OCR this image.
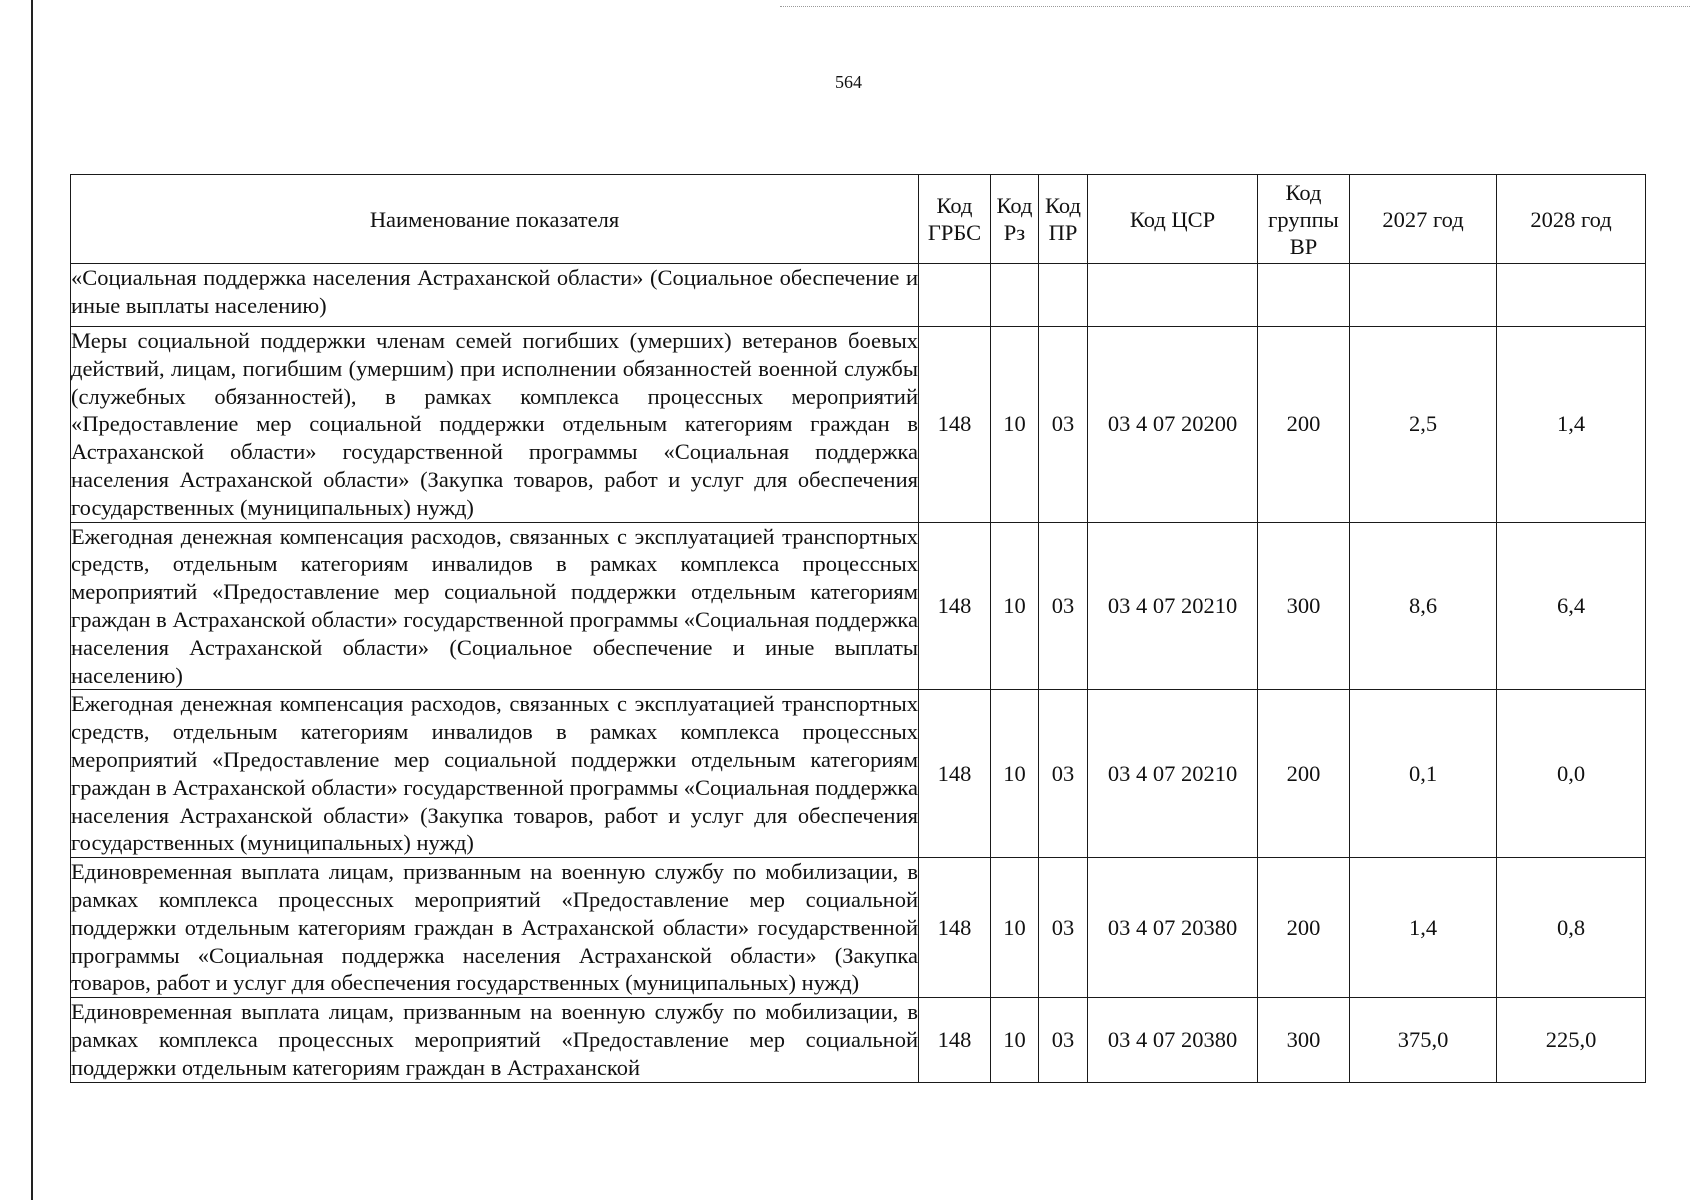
564
Наименование показателя	Код ГРБС	Код Рз	Код ПР	Код ЦСР	Код группы ВР	2027 год	2028 год
«Социальная поддержка населения Астраханской области» (Социальное обеспечение и иные выплаты населению)							
Меры социальной поддержки членам семей погибших (умерших) ветеранов боевых действий, лицам, погибшим (умершим) при исполнении обязанностей военной службы (служебных обязанностей), в рамках комплекса процессных мероприятий «Предоставление мер социальной поддержки отдельным категориям граждан в Астраханской области» государственной программы «Социальная поддержка населения Астраханской области» (Закупка товаров, работ и услуг для обеспечения государственных (муниципальных) нужд)	148	10	03	03 4 07 20200	200	2,5	1,4
Ежегодная денежная компенсация расходов, связанных с эксплуатацией транспортных средств, отдельным категориям инвалидов в рамках комплекса процессных мероприятий «Предоставление мер социальной поддержки отдельным категориям граждан в Астраханской области» государственной программы «Социальная поддержка населения Астраханской области» (Социальное обеспечение и иные выплаты населению)	148	10	03	03 4 07 20210	300	8,6	6,4
Ежегодная денежная компенсация расходов, связанных с эксплуатацией транспортных средств, отдельным категориям инвалидов в рамках комплекса процессных мероприятий «Предоставление мер социальной поддержки отдельным категориям граждан в Астраханской области» государственной программы «Социальная поддержка населения Астраханской области» (Закупка товаров, работ и услуг для обеспечения государственных (муниципальных) нужд)	148	10	03	03 4 07 20210	200	0,1	0,0
Единовременная выплата лицам, призванным на военную службу по мобилизации, в рамках комплекса процессных мероприятий «Предоставление мер социальной поддержки отдельным категориям граждан в Астраханской области» государственной программы «Социальная поддержка населения Астраханской области» (Закупка товаров, работ и услуг для обеспечения государственных (муниципальных) нужд)	148	10	03	03 4 07 20380	200	1,4	0,8
Единовременная выплата лицам, призванным на военную службу по мобилизации, в рамках комплекса процессных мероприятий «Предоставление мер социальной поддержки отдельным категориям граждан в Астраханской	148	10	03	03 4 07 20380	300	375,0	225,0
